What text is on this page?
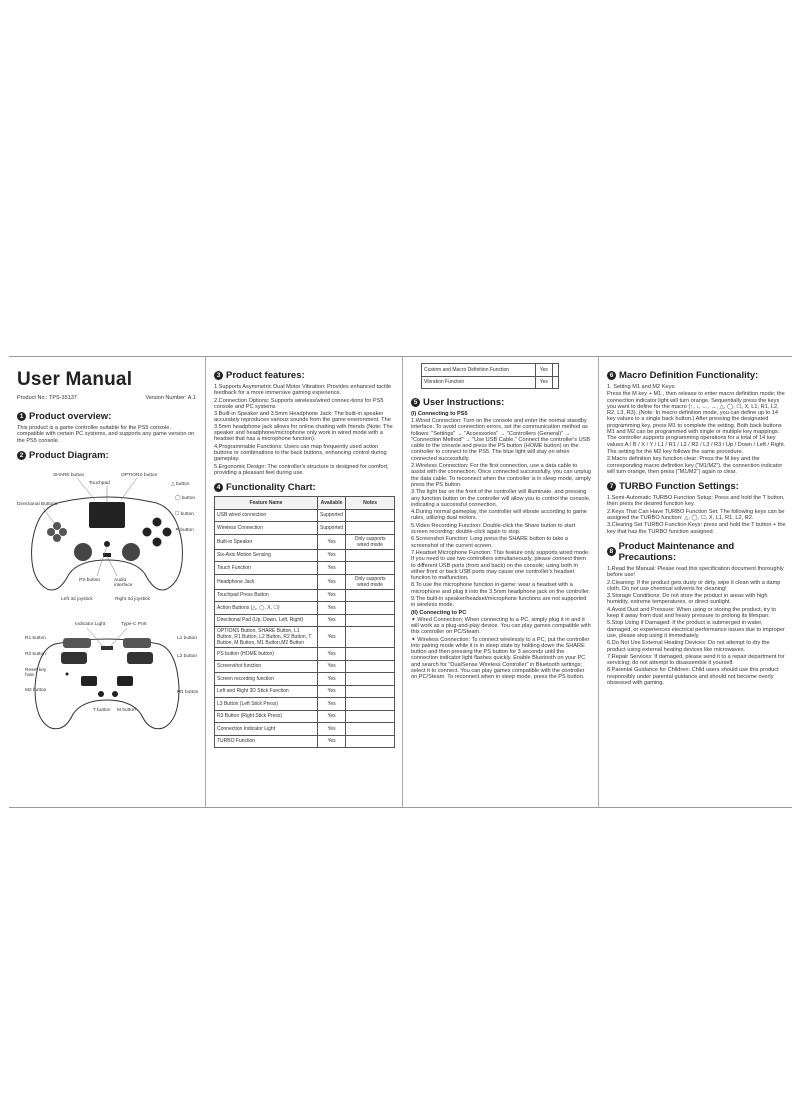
User Manual
Product No.: TPS-35137	Version Number: A.1
1 Product overview:

This product is a game controller suitable for the PS5 console, compatible with certain PC systems, and supports any game version on the PS5 console.

2 Product Diagram:
SHARE button	OPTIONS button
Touchpad
Directional Buttons
△ button
◯ button
☐ button
✕ button
PS button	Audio interface
Left 3d joystick	Right 3d joystick
Indicator Light	Type-C Port
R1 button	L1 button
R2 button	L2 button
Reset key hole
M2 button	M1 button
T button M button
3 Product features:

1.Supports Asymmetric Dual Motor Vibration: Provides enhanced tactile feedback for a more immersive gaming experience.

2.Connection Options: Supports wireless/wired connec-tions for PS5 console and PC systems

3.Built-in Speaker and 3.5mm Headphone Jack: The built-in speaker accurately reproduces various sounds from the game environment. The 3.5mm headphone jack allows for online chatting with friends (Note: The speaker and headphone/microphone only work in wired mode with a headset that has a microphone function).

4.Programmable Functions: Users can map frequently used action buttons or combinations to the back buttons, enhancing control during gameplay.

5.Ergonomic Design: The controller's structure is designed for comfort, providing a pleasant feel during use.

4 Functionality Chart:
Feature Name	Available	Notes
USB wired connection	Supported	
Wireless Connection	Supported	
Built-in Speaker	Yes	Only supports wired mode
Six-Axis Motion Sensing	Yes	
Touch Function	Yes	
Headphone Jack	Yes	Only supports wired mode
Touchpad Press Button	Yes	
Action Buttons (△, ◯, X, ☐)	Yes	
Directional Pad (Up, Down, Left, Right)	Yes	
OPTIONS Button, SHARE Button, L1 Button, R1 Button, L2 Button, R2 Button, T Button, M Button, M1 Button,M2 Button	Yes	
PS button (HOME button)	Yes	
Screenshot function	Yes	
Screen recording function	Yes	
Left and Right 3D Stick Function	Yes	
L3 Button (Left Stick Press)	Yes	
R3 Button (Right Stick Press)	Yes	
Connection Indicator Light	Yes	
TURBO Function	Yes	
Custom and Macro Definition Function	Yes	
Vibration Function	Yes	
5 User Instructions:
(I) Connecting to PS5

1.Wired Connection: Turn on the console and enter the normal standby interface. To avoid connection errors, set the communication method as follows: "Settings" → "Accessories" → "Controllers (General)" → "Connection Method" → "Use USB Cable." Connect the controller's USB cable to the console and press the PS button (HOME button) on the controller to connect to the PS5. The blue light will stay on when connected successfully.

2.Wireless Connection: For the first connection, use a data cable to assist with the connection. Once connected successfully, you can unplug the data cable. To reconnect when the controller is in sleep mode, simply press the PS button.

3.The light bar on the front of the controller will illuminate, and pressing any function button on the controller will allow you to control the console, indicating a successful connection.

4.During normal gameplay, the controller will vibrate according to game rules, utilizing dual motors.

5.Video Recording Function: Double-click the Share button to start screen recording; double-click again to stop.

6.Screenshot Function: Long press the SHARE button to take a screenshot of the current screen.

7.Headset Microphone Function: This feature only supports wired mode. If you need to use two controllers simultaneously, please connect them to different USB ports (front and back) on the console; using both in either front or back USB ports may cause one controller's headset function to malfunction.

8.To use the microphone function in-game: wear a headset with a microphone and plug it into the 3.5mm headphone jack on the controller.

9.The built-in speaker/headset/microphone functions are not supported in wireless mode.

(II) Connecting to PC

✦ Wired Connection: When connecting to a PC, simply plug it in and it will work as a plug-and-play device. You can play games compatible with this controller on PC/Steam.

✦ Wireless Connection: To connect wirelessly to a PC, put the controller into pairing mode while it is in sleep state by holding down the SHARE button and then pressing the PS button for 3 seconds until the connection indicator light flashes quickly. Enable Bluetooth on your PC and search for "DualSense Wireless Controller" in Bluetooth settings; select it to connect. You can play games compatible with the controller on PC/Steam. To reconnect when in sleep mode, press the PS button.

6 Macro Definition Functionality:

1. Setting M1 and M2 Keys:

Press the M key + M1 , then release to enter macro definition mode; the connection indicator light will turn orange. Sequentially press the keys you want to define for the macro (↑, ↓, ←, →, △, ◯, ☐, X, L1, R1, L2, R2, L3, R3). (Note: In macro definition mode, you can define up to 14 key values to a single back button.) After pressing the designated programming key, press M1 to complete the setting. Both back buttons M1 and M2 can be programmed with single or multiple key mappings. The controller supports programming operations for a total of 14 key values:A / B / X / Y / L1 / R1 / L2 / R2 / L3 / R3 / Up / Down / Left / Right.

The setting for the M2 key follows the same procedure.

2.Macro definition key function clear: Press the M key and the corresponding macro definition key ("M1/M2"), the connection indicator will turn orange, then press ("M1/M2") again to clear.

7 TURBO Function Settings:

1.Semi-Automatic TURBO Function Setup: Press and hold the T button, then press the desired function key.

2.Keys That Can Have TURBO Function Set: The following keys can be assigned the TURBO function: △, ◯, ☐, X, L1, R1, L2, R2.

3.Clearing Set TURBO Function Keys: press and hold the T button + the key that has the TURBO function assigned.

8 Product Maintenance and Precautions:

1.Read the Manual: Please read this specification document thoroughly before use!

2.Cleaning: If the product gets dusty or dirty, wipe it clean with a damp cloth. Do not use chemical solvents for cleaning!

3.Storage Conditions: Do not store the product in areas with high humidity, extreme temperatures, or direct sunlight.

4.Avoid Dust and Pressure: When using or storing the product, try to keep it away from dust and heavy pressure to prolong its lifespan.

5.Stop Using if Damaged: If the product is submerged in water, damaged, or experiences electrical performance issues due to improper use, please stop using it immediately.

6.Do Not Use External Heating Devices: Do not attempt to dry the product using external heating devices like microwaves.

7.Repair Services: If damaged, please send it to a repair department for servicing; do not attempt to disassemble it yourself.

8.Parental Guidance for Children: Child users should use this product responsibly under parental guidance and should not become overly obsessed with gaming.
